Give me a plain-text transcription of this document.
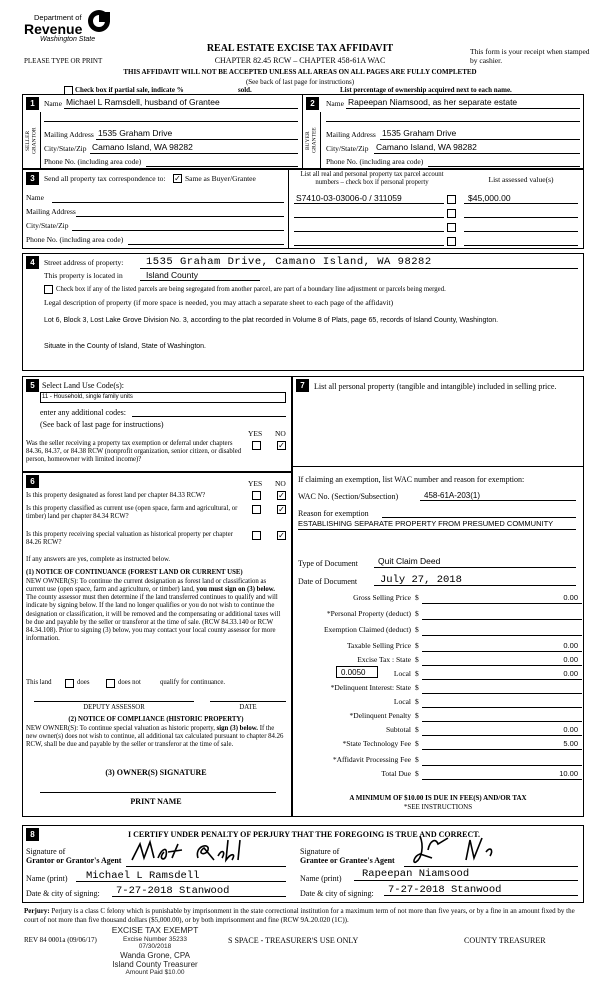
Department of
Revenue
Washington State
PLEASE TYPE OR PRINT
REAL ESTATE EXCISE TAX AFFIDAVIT
CHAPTER 82.45 RCW – CHAPTER 458-61A WAC
This form is your receipt when stamped by cashier.
THIS AFFIDAVIT WILL NOT BE ACCEPTED UNLESS ALL AREAS ON ALL PAGES ARE FULLY COMPLETED
(See back of last page for instructions)
Check box if partial sale, indicate %	sold.	List percentage of ownership acquired next to each name.
1
SELLER GRANTOR
Name Michael L Ramsdell, husband of Grantee
Mailing Address 1535 Graham Drive
City/State/Zip Camano Island, WA 98282
Phone No. (including area code)
2
BUYER GRANTEE
Name Rapeepan Niamsood, as her separate estate
Mailing Address 1535 Graham Drive
City/State/Zip Camano Island, WA 98282
Phone No. (including area code)
3	Send all property tax correspondence to: ✓ Same as Buyer/Grantee
Name
Mailing Address
City/State/Zip
Phone No. (including area code)
List all real and personal property tax parcel account numbers – check box if personal property	List assessed value(s)
S7410-03-03006-0 / 311059	$45,000.00
4	Street address of property: 1535 Graham Drive, Camano Island, WA 98282
This property is located in	Island County
Check box if any of the listed parcels are being segregated from another parcel, are part of a boundary line adjustment or parcels being merged.
Legal description of property (if more space is needed, you may attach a separate sheet to each page of the affidavit)
Lot 6, Block 3, Lost Lake Grove Division No. 3, according to the plat recorded in Volume 8 of Plats, page 65, records of Island County, Washington.
Situate in the County of Island, State of Washington.
5 Select Land Use Code(s):
11 - Household, single family units
enter any additional codes:
(See back of last page for instructions)
YES NO
Was the seller receiving a property tax exemption or deferral under chapters 84.36, 84.37, or 84.38 RCW (nonprofit organization, senior citizen, or disabled person, homeowner with limited income)?
✓
6	YES NO
Is this property designated as forest land per chapter 84.33 RCW?	✓
Is this property classified as current use (open space, farm and agricultural, or timber) land per chapter 84.34 RCW?
✓
Is this property receiving special valuation as historical property per chapter 84.26 RCW?
✓
If any answers are yes, complete as instructed below.
(1) NOTICE OF CONTINUANCE (FOREST LAND OR CURRENT USE)
NEW OWNER(S): To continue the current designation as forest land or classification as current use (open space, farm and agriculture, or timber) land, you must sign on (3) below. The county assessor must then determine if the land transferred continues to qualify and will indicate by signing below. If the land no longer qualifies or you do not wish to continue the designation or classification, it will be removed and the compensating or additional taxes will be due and payable by the seller or transferor at the time of sale. (RCW 84.33.140 or RCW 84.34.108). Prior to signing (3) below, you may contact your local county assessor for more information.
This land	does	does not	qualify for continuance.
DEPUTY ASSESSOR	DATE
(2) NOTICE OF COMPLIANCE (HISTORIC PROPERTY)
NEW OWNER(S): To continue special valuation as historic property, sign (3) below. If the new owner(s) does not wish to continue, all additional tax calculated pursuant to chapter 84.26 RCW, shall be due and payable by the seller or transferor at the time of sale.
(3) OWNER(S) SIGNATURE
PRINT NAME
7	List all personal property (tangible and intangible) included in selling price.
If claiming an exemption, list WAC number and reason for exemption:
WAC No. (Section/Subsection)	458-61A-203(1)
Reason for exemption
ESTABLISHING SEPARATE PROPERTY FROM PRESUMED COMMUNITY
Type of Document Quit Claim Deed
Date of Document July 27, 2018
Gross Selling Price $	0.00
*Personal Property (deduct) $
Exemption Claimed (deduct) $
Taxable Selling Price $	0.00
Excise Tax : State $	0.00
Local $	0.00
*Delinquent Interest: State $
Local $
*Delinquent Penalty $
Subtotal $	0.00
*State Technology Fee $	5.00
*Affidavit Processing Fee $
Total Due $	10.00
0.0050
A MINIMUM OF $10.00 IS DUE IN FEE(S) AND/OR TAX
*SEE INSTRUCTIONS
8	I CERTIFY UNDER PENALTY OF PERJURY THAT THE FOREGOING IS TRUE AND CORRECT.
Signature of
Grantor or Grantor's Agent
Name (print) Michael L Ramsdell
Date & city of signing: 7-27-2018 Stanwood
Signature of
Grantee or Grantee's Agent
Name (print) Rapeepan Niamsood
Date & city of signing: 7-27-2018 Stanwood
Perjury: Perjury is a class C felony which is punishable by imprisonment in the state correctional institution for a maximum term of not more than five years, or by a fine in an amount fixed by the court of not more than five thousand dollars ($5,000.00), or by both imprisonment and fine (RCW 9A.20.020 (1C)).
REV 84 0001a (09/06/17)	S SPACE - TREASURER'S USE ONLY	COUNTY TREASURER
EXCISE TAX EXEMPT
Excise Number 35233
07/30/2018
Wanda Grone, CPA
Island County Treasurer
Amount Paid $10.00
